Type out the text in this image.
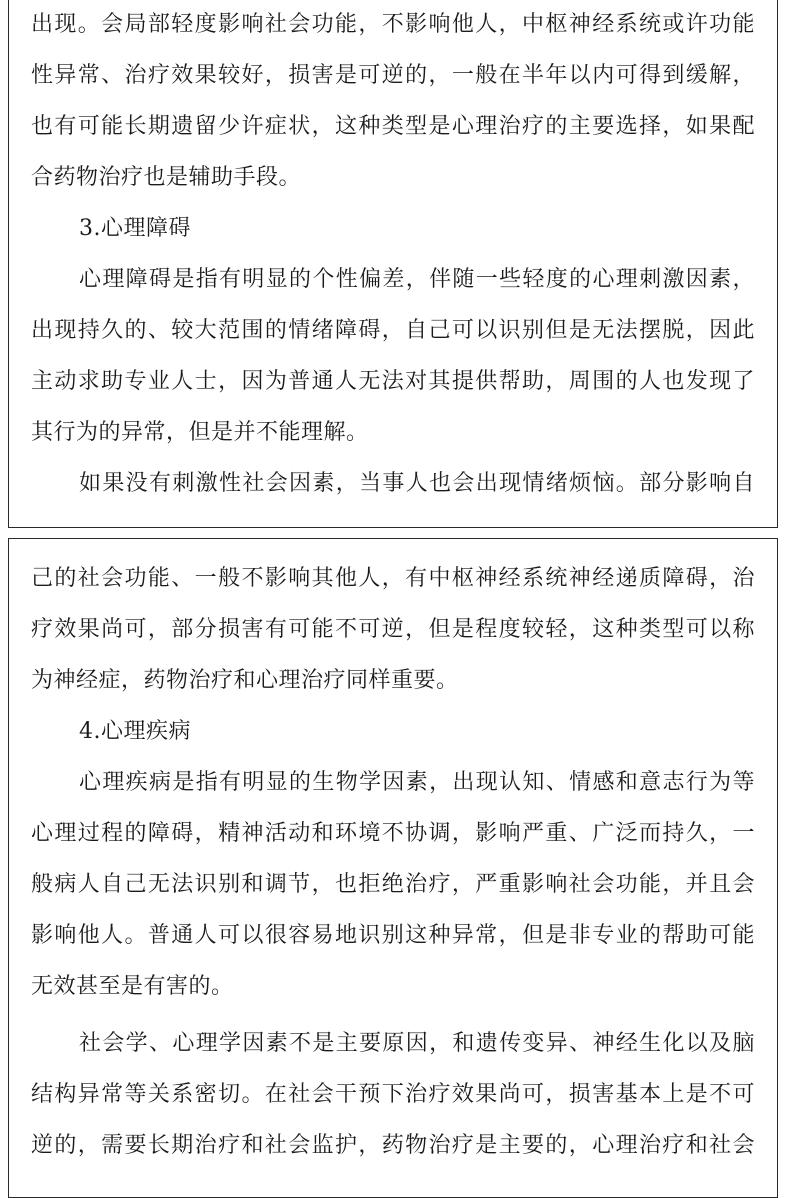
出现。会局部轻度影响社会功能，不影响他人，中枢神经系统或许功能
性异常、治疗效果较好，损害是可逆的，一般在半年以内可得到缓解，
也有可能长期遗留少许症状，这种类型是心理治疗的主要选择，如果配
合药物治疗也是辅助手段。
3.心理障碍
心理障碍是指有明显的个性偏差，伴随一些轻度的心理刺激因素，
出现持久的、较大范围的情绪障碍，自己可以识别但是无法摆脱，因此
主动求助专业人士，因为普通人无法对其提供帮助，周围的人也发现了
其行为的异常，但是并不能理解。
如果没有刺激性社会因素，当事人也会出现情绪烦恼。部分影响自
己的社会功能、一般不影响其他人，有中枢神经系统神经递质障碍，治
疗效果尚可，部分损害有可能不可逆，但是程度较轻，这种类型可以称
为神经症，药物治疗和心理治疗同样重要。
4.心理疾病
心理疾病是指有明显的生物学因素，出现认知、情感和意志行为等
心理过程的障碍，精神活动和环境不协调，影响严重、广泛而持久，一
般病人自己无法识别和调节，也拒绝治疗，严重影响社会功能，并且会
影响他人。普通人可以很容易地识别这种异常，但是非专业的帮助可能
无效甚至是有害的。
社会学、心理学因素不是主要原因，和遗传变异、神经生化以及脑
结构异常等关系密切。在社会干预下治疗效果尚可，损害基本上是不可
逆的，需要长期治疗和社会监护，药物治疗是主要的，心理治疗和社会
